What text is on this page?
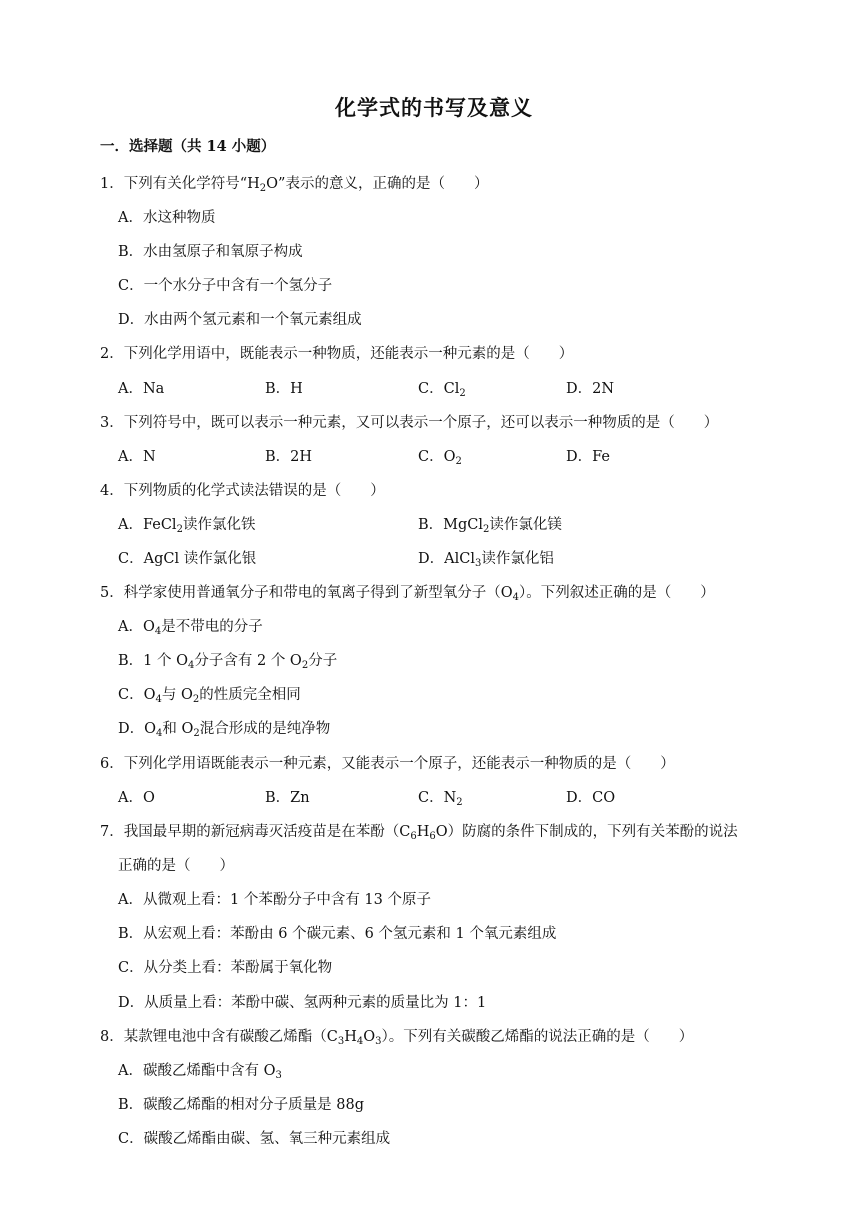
化学式的书写及意义
一．选择题（共 14 小题）
1．下列有关化学符号“$H_2O$”表示的意义，正确的是（　　）
A．水这种物质
B．水由氢原子和氧原子构成
C．一个水分子中含有一个氢分子
D．水由两个氢元素和一个氧元素组成
2．下列化学用语中，既能表示一种物质，还能表示一种元素的是（　　）
A．Na	B．H	C．$Cl_2$	D．2N
3．下列符号中，既可以表示一种元素，又可以表示一个原子，还可以表示一种物质的是（　　）
A．N	B．2H	C．$O_2$	D．Fe
4．下列物质的化学式读法错误的是（　　）
A．FeCl$_2$读作氯化铁	B．MgCl$_2$读作氯化镁
C．AgCl 读作氯化银	D．AlCl$_3$读作氯化铝
5．科学家使用普通氧分子和带电的氧离子得到了新型氧分子$(O_4)$。下列叙述正确的是（　　）
A．$O_4$是不带电的分子
B．1 个 $O_4$分子含有 2 个 $O_2$分子
C．$O_4$与 $O_2$的性质完全相同
D．$O_4$和 $O_2$混合形成的是纯净物
6．下列化学用语既能表示一种元素，又能表示一个原子，还能表示一种物质的是（　　）
A．O	B．Zn	C．$N_2$	D．CO
7．我国最早期的新冠病毒灭活疫苗是在苯酚$(C_6H_6O)$防腐的条件下制成的，下列有关苯酚的说法
正确的是（　　）
A．从微观上看：1 个苯酚分子中含有 13 个原子
B．从宏观上看：苯酚由 6 个碳元素、6 个氢元素和 1 个氧元素组成
C．从分类上看：苯酚属于氧化物
D．从质量上看：苯酚中碳、氢两种元素的质量比为 1：1
8．某款锂电池中含有碳酸乙烯酯$(C_3H_4O_3)$。下列有关碳酸乙烯酯的说法正确的是（　　）
A．碳酸乙烯酯中含有 $O_3$
B．碳酸乙烯酯的相对分子质量是 88g
C．碳酸乙烯酯由碳、氢、氧三种元素组成
